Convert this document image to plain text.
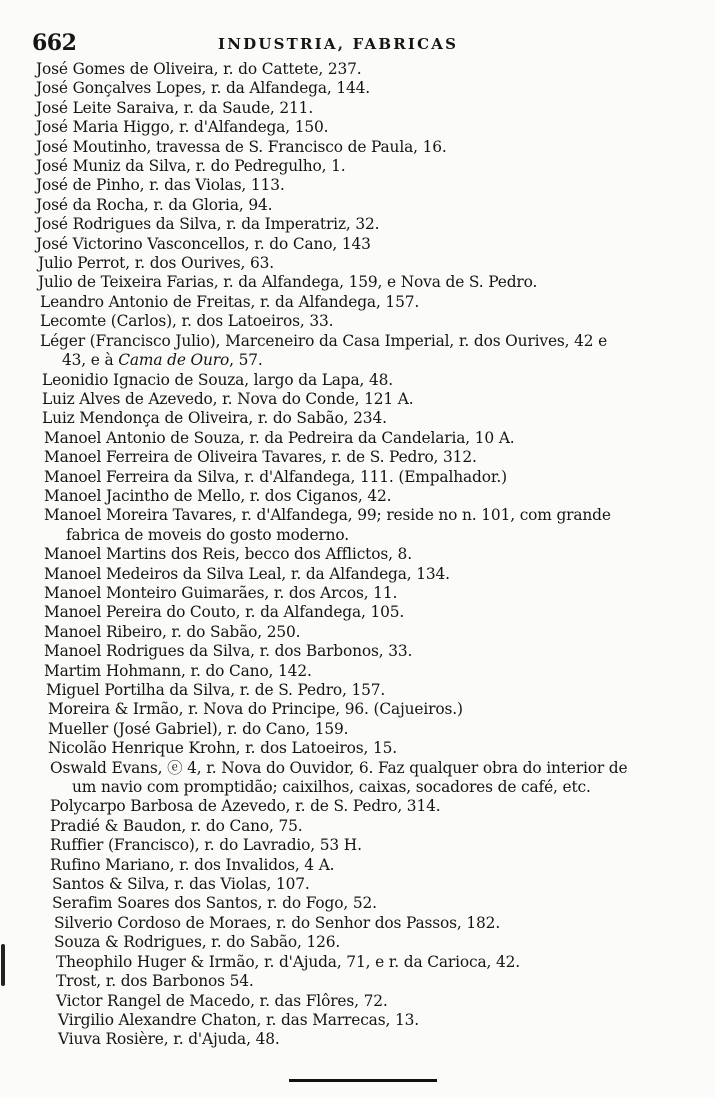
662	INDUSTRIA, FABRICAS
José Gomes de Oliveira, r. do Cattete, 237.
José Gonçalves Lopes, r. da Alfandega, 144.
José Leite Saraiva, r. da Saude, 211.
José Maria Higgo, r. d'Alfandega, 150.
José Moutinho, travessa de S. Francisco de Paula, 16.
José Muniz da Silva, r. do Pedregulho, 1.
José de Pinho, r. das Violas, 113.
José da Rocha, r. da Gloria, 94.
José Rodrigues da Silva, r. da Imperatriz, 32.
José Victorino Vasconcellos, r. do Cano, 143
Julio Perrot, r. dos Ourives, 63.
Julio de Teixeira Farias, r. da Alfandega, 159, e Nova de S. Pedro.
Leandro Antonio de Freitas, r. da Alfandega, 157.
Lecomte (Carlos), r. dos Latoeiros, 33.
Léger (Francisco Julio), Marceneiro da Casa Imperial, r. dos Ourives, 42 e
43, e à Cama de Ouro, 57.
Leonidio Ignacio de Souza, largo da Lapa, 48.
Luiz Alves de Azevedo, r. Nova do Conde, 121 A.
Luiz Mendonça de Oliveira, r. do Sabão, 234.
Manoel Antonio de Souza, r. da Pedreira da Candelaria, 10 A.
Manoel Ferreira de Oliveira Tavares, r. de S. Pedro, 312.
Manoel Ferreira da Silva, r. d'Alfandega, 111. (Empalhador.)
Manoel Jacintho de Mello, r. dos Ciganos, 42.
Manoel Moreira Tavares, r. d'Alfandega, 99; reside no n. 101, com grande
fabrica de moveis do gosto moderno.
Manoel Martins dos Reis, becco dos Afflictos, 8.
Manoel Medeiros da Silva Leal, r. da Alfandega, 134.
Manoel Monteiro Guimarães, r. dos Arcos, 11.
Manoel Pereira do Couto, r. da Alfandega, 105.
Manoel Ribeiro, r. do Sabão, 250.
Manoel Rodrigues da Silva, r. dos Barbonos, 33.
Martim Hohmann, r. do Cano, 142.
Miguel Portilha da Silva, r. de S. Pedro, 157.
Moreira & Irmão, r. Nova do Principe, 96. (Cajueiros.)
Mueller (José Gabriel), r. do Cano, 159.
Nicolão Henrique Krohn, r. dos Latoeiros, 15.
Oswald Evans, ⓔ 4, r. Nova do Ouvidor, 6. Faz qualquer obra do interior de
um navio com promptidão; caixilhos, caixas, socadores de café, etc.
Polycarpo Barbosa de Azevedo, r. de S. Pedro, 314.
Pradié & Baudon, r. do Cano, 75.
Ruffier (Francisco), r. do Lavradio, 53 H.
Rufino Mariano, r. dos Invalidos, 4 A.
Santos & Silva, r. das Violas, 107.
Serafim Soares dos Santos, r. do Fogo, 52.
Silverio Cordoso de Moraes, r. do Senhor dos Passos, 182.
Souza & Rodrigues, r. do Sabão, 126.
Theophilo Huger & Irmão, r. d'Ajuda, 71, e r. da Carioca, 42.
Trost, r. dos Barbonos 54.
Victor Rangel de Macedo, r. das Flôres, 72.
Virgilio Alexandre Chaton, r. das Marrecas, 13.
Viuva Rosière, r. d'Ajuda, 48.
